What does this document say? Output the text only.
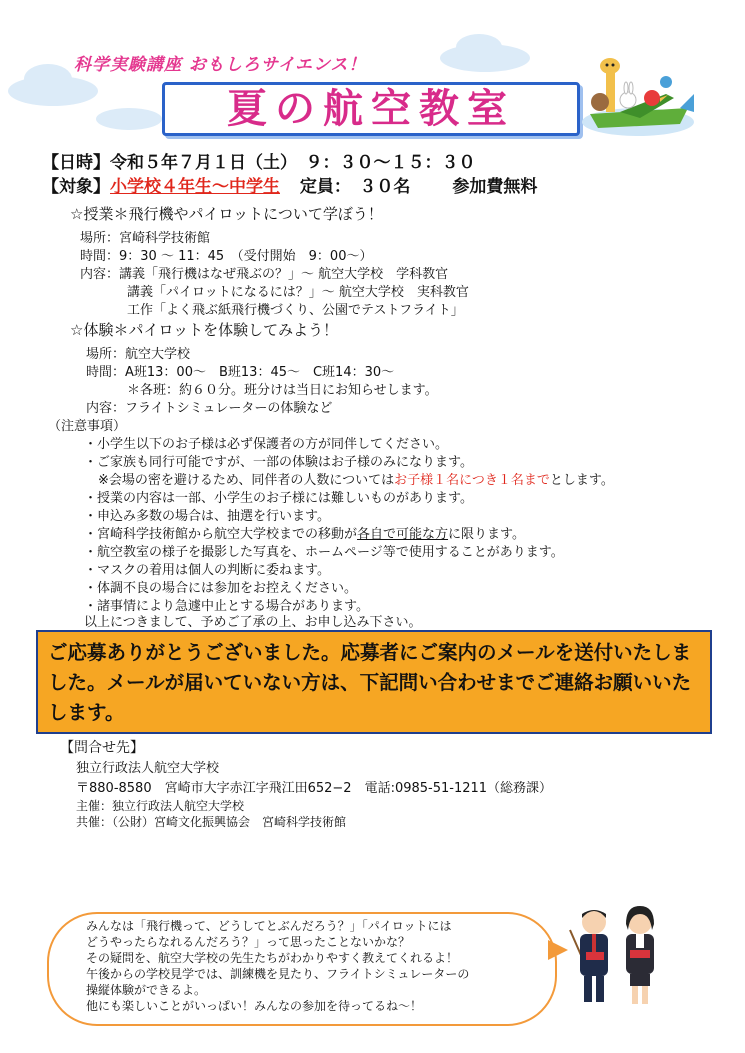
科学実験講座 おもしろサイエンス！
夏の航空教室
【日時】令和５年７月１日（土）　９：３０〜１５：３０
【対象】小学校４年生〜中学生 定員：　３０名 参加費無料
☆授業＊飛行機やパイロットについて学ぼう！
場所：宮崎科学技術館
時間：9：30 〜 11：45　（受付開始　9：00〜）
内容：講義「飛行機はなぜ飛ぶの？」〜 航空大学校　学科教官
講義「パイロットになるには？」〜 航空大学校　実科教官
工作「よく飛ぶ紙飛行機づくり、公園でテストフライト」
☆体験＊パイロットを体験してみよう！
場所：航空大学校
時間：A班13：00〜　B班13：45〜　C班14：30〜
＊各班：約６０分。班分けは当日にお知らせします。
内容：フライトシミュレーターの体験など
（注意事項）
・小学生以下のお子様は必ず保護者の方が同伴してください。
・ご家族も同行可能ですが、一部の体験はお子様のみになります。
※会場の密を避けるため、同伴者の人数についてはお子様１名につき１名までとします。
・授業の内容は一部、小学生のお子様には難しいものがあります。
・申込み多数の場合は、抽選を行います。
・宮崎科学技術館から航空大学校までの移動が各自で可能な方に限ります。
・航空教室の様子を撮影した写真を、ホームページ等で使用することがあります。
・マスクの着用は個人の判断に委ねます。
・体調不良の場合には参加をお控えください。
・諸事情により急遽中止とする場合があります。
以上につきまして、予めご了承の上、お申し込み下さい。

ご応募ありがとうございました。応募者にご案内のメールを送付いたしました。メールが届いていない方は、下記問い合わせまでご連絡お願いいたします。

【問合せ先】
独立行政法人航空大学校
〒880-8580　宮崎市大字赤江字飛江田652−2　電話:0985-51-1211（総務課）
主催：独立行政法人航空大学校
共催：（公財）宮崎文化振興協会　宮崎科学技術館
みんなは「飛行機って、どうしてとぶんだろう？」「パイロットには
どうやったらなれるんだろう？」って思ったことないかな？
その疑問を、航空大学校の先生たちがわかりやすく教えてくれるよ！
午後からの学校見学では、訓練機を見たり、フライトシミュレーターの
操縦体験ができるよ。
他にも楽しいことがいっぱい！みんなの参加を待ってるね〜！
